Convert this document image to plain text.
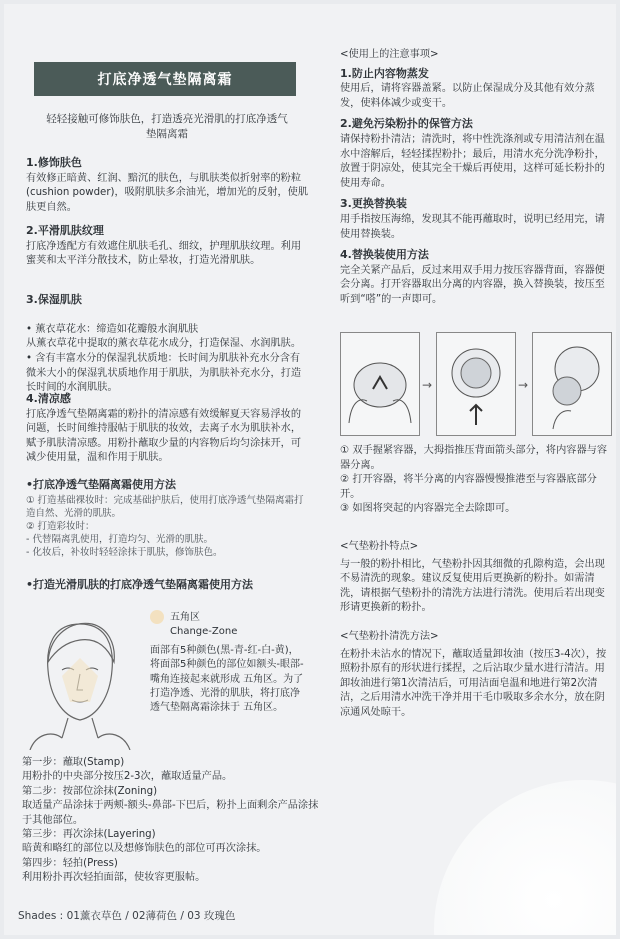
打底净透气垫隔离霜
轻轻接触可修饰肤色，打造透亮光滑肌的打底净透气垫隔离霜
1.修饰肤色
有效修正暗黄、红润、黯沉的肤色，与肌肤类似折射率的粉粒(cushion powder)，吸附肌肤多余油光，增加光的反射，使肌肤更自然。
2.平滑肌肤纹理
打底净透配方有效遮住肌肤毛孔、细纹，护理肌肤纹理。利用蜜荚和太平洋分散技术，防止晕妆，打造光滑肌肤。

3.保湿肌肤

• 薰衣草花水：缔造如花瓣般水润肌肤
从薰衣草花中提取的薰衣草花水成分，打造保湿、水润肌肤。
• 含有丰富水分的保湿乳状质地：长时间为肌肤补充水分含有微米大小的保湿乳状质地作用于肌肤，为肌肤补充水分，打造长时间的水润肌肤。

4.清凉感
打底净透气垫隔离霜的粉扑的清凉感有效缓解夏天容易浮妆的问题，长时间维持服帖于肌肤的妆效，去离子水为肌肤补水，赋予肌肤清凉感。用粉扑蘸取少量的内容物后均匀涂抹开，可减少使用量，温和作用于肌肤。
•打底净透气垫隔离霜使用方法
① 打造基础裸妆时：完成基础护肤后，使用打底净透气垫隔离霜打造自然、光滑的肌肤。
② 打造彩妆时：
- 代替隔离乳使用，打造均匀、光滑的肌肤。
- 化妆后，补妆时轻轻涂抹于肌肤，修饰肤色。
•打造光滑肌肤的打底净透气垫隔离霜使用方法
五角区
Change-Zone
面部有5种颜色(黑-青-红-白-黄)，将面部5种颜色的部位如额头-眼部-嘴角连接起来就形成 五角区。为了打造净透、光滑的肌肤，将打底净透气垫隔离霜涂抹于 五角区。
第一步：蘸取(Stamp)
用粉扑的中央部分按压2-3次，蘸取适量产品。
第二步：按部位涂抹(Zoning)
取适量产品涂抹于两颊-额头-鼻部-下巴后，粉扑上面剩余产品涂抹于其他部位。
第三步：再次涂抹(Layering)
暗黄和略红的部位以及想修饰肤色的部位可再次涂抹。
第四步：轻拍(Press)
利用粉扑再次轻拍面部，使妆容更服帖。
Shades : 01薰衣草色 / 02薄荷色 / 03 玫瑰色
<使用上的注意事项>
1.防止内容物蒸发
使用后，请将容器盖紧。以防止保湿成分及其他有效分蒸发，使料体减少或变干。
2.避免污染粉扑的保管方法
请保持粉扑清洁；清洗时，将中性洗涤剂或专用清洁剂在温水中溶解后，轻轻揉捏粉扑；最后，用清水充分洗净粉扑，放置于阴凉处，使其完全干燥后再使用，这样可延长粉扑的使用寿命。
3.更换替换装
用手指按压海绵，发现其不能再蘸取时，说明已经用完，请使用替换装。
4.替换装使用方法
完全关紧产品后，反过来用双手用力按压容器背面，容器便会分离。打开容器取出分离的内容器，换入替换装，按压至听到“嗒”的一声即可。
→	→
① 双手握紧容器，大拇指推压背面箭头部分，将内容器与容器分离。
② 打开容器，将半分离的内容器慢慢推港至与容器底部分开。
③ 如图将突起的内容器完全去除即可。
<气垫粉扑特点>
与一般的粉扑相比，气垫粉扑因其细微的孔隙构造，会出现不易清洗的现象。建议反复使用后更换新的粉扑。如需清洗，请根据气垫粉扑的清洗方法进行清洗。使用后若出现变形请更换新的粉扑。
<气垫粉扑清洗方法>
在粉扑未沾水的情况下，蘸取适量卸妆油（按压3-4次），按照粉扑原有的形状进行揉捏，之后沾取少量水进行清洁。用卸妆油进行第1次清洁后，可用洁面皂温和地进行第2次清洁，之后用清水冲洗干净并用干毛巾吸取多余水分，放在阴凉通风处晾干。
